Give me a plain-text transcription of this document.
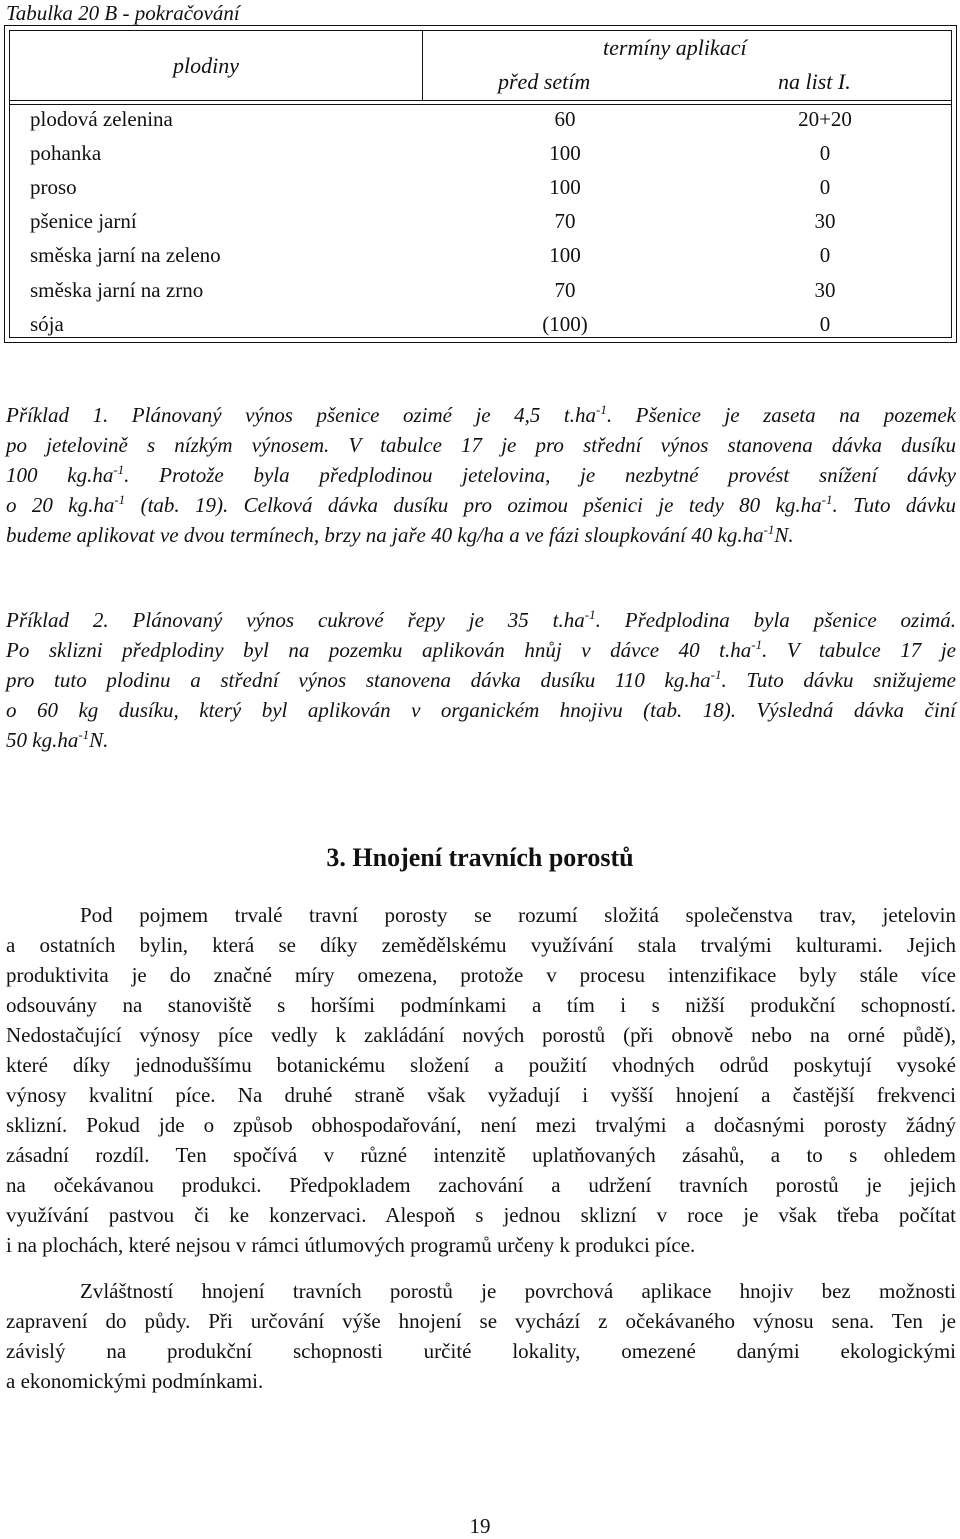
Tabulka 20 B - pokračování
plodiny
termíny aplikací
před setím	na list I.
plodová zelenina	60	20+20
pohanka	100	0
proso	100	0
pšenice jarní	70	30
směska jarní na zeleno	100	0
směska jarní na zrno	70	30
sója	(100)	0
Příklad 1. Plánovaný výnos pšenice ozimé je 4,5 $t.ha^{-1}$. Pšenice je zaseta na pozemek
po jetelovině s nízkým výnosem. V tabulce 17 je pro střední výnos stanovena dávka dusíku
100 $kg.ha^{-1}$. Protože byla předplodinou jetelovina, je nezbytné provést snížení dávky
o 20 $kg.ha^{-1}$ (tab. 19). Celková dávka dusíku pro ozimou pšenici je tedy 80 $kg.ha^{-1}$. Tuto dávku
budeme aplikovat ve dvou termínech, brzy na jaře 40 kg/ha a ve fázi sloupkování 40 $kg.ha^{-1}N$.
Příklad 2. Plánovaný výnos cukrové řepy je 35 $t.ha^{-1}$. Předplodina byla pšenice ozimá.
Po sklizni předplodiny byl na pozemku aplikován hnůj v dávce 40 $t.ha^{-1}$. V tabulce 17 je
pro tuto plodinu a střední výnos stanovena dávka dusíku 110 $kg.ha^{-1}$. Tuto dávku snižujeme
o 60 kg dusíku, který byl aplikován v organickém hnojivu (tab. 18). Výsledná dávka činí
50 $kg.ha^{-1}N$.
3. Hnojení travních porostů
Pod pojmem trvalé travní porosty se rozumí složitá společenstva trav, jetelovin
a ostatních bylin, která se díky zemědělskému využívání stala trvalými kulturami. Jejich
produktivita je do značné míry omezena, protože v procesu intenzifikace byly stále více
odsouvány na stanoviště s horšími podmínkami a tím i s nižší produkční schopností.
Nedostačující výnosy píce vedly k zakládání nových porostů (při obnově nebo na orné půdě),
které díky jednoduššímu botanickému složení a použití vhodných odrůd poskytují vysoké
výnosy kvalitní píce. Na druhé straně však vyžadují i vyšší hnojení a častější frekvenci
sklizní. Pokud jde o způsob obhospodařování, není mezi trvalými a dočasnými porosty žádný
zásadní rozdíl. Ten spočívá v různé intenzitě uplatňovaných zásahů, a to s ohledem
na očekávanou produkci. Předpokladem zachování a udržení travních porostů je jejich
využívání pastvou či ke konzervaci. Alespoň s jednou sklizní v roce je však třeba počítat
i na plochách, které nejsou v rámci útlumových programů určeny k produkci píce.
Zvláštností hnojení travních porostů je povrchová aplikace hnojiv bez možnosti
zapravení do půdy. Při určování výše hnojení se vychází z očekávaného výnosu sena. Ten je
závislý na produkční schopnosti určité lokality, omezené danými ekologickými
a ekonomickými podmínkami.
19
